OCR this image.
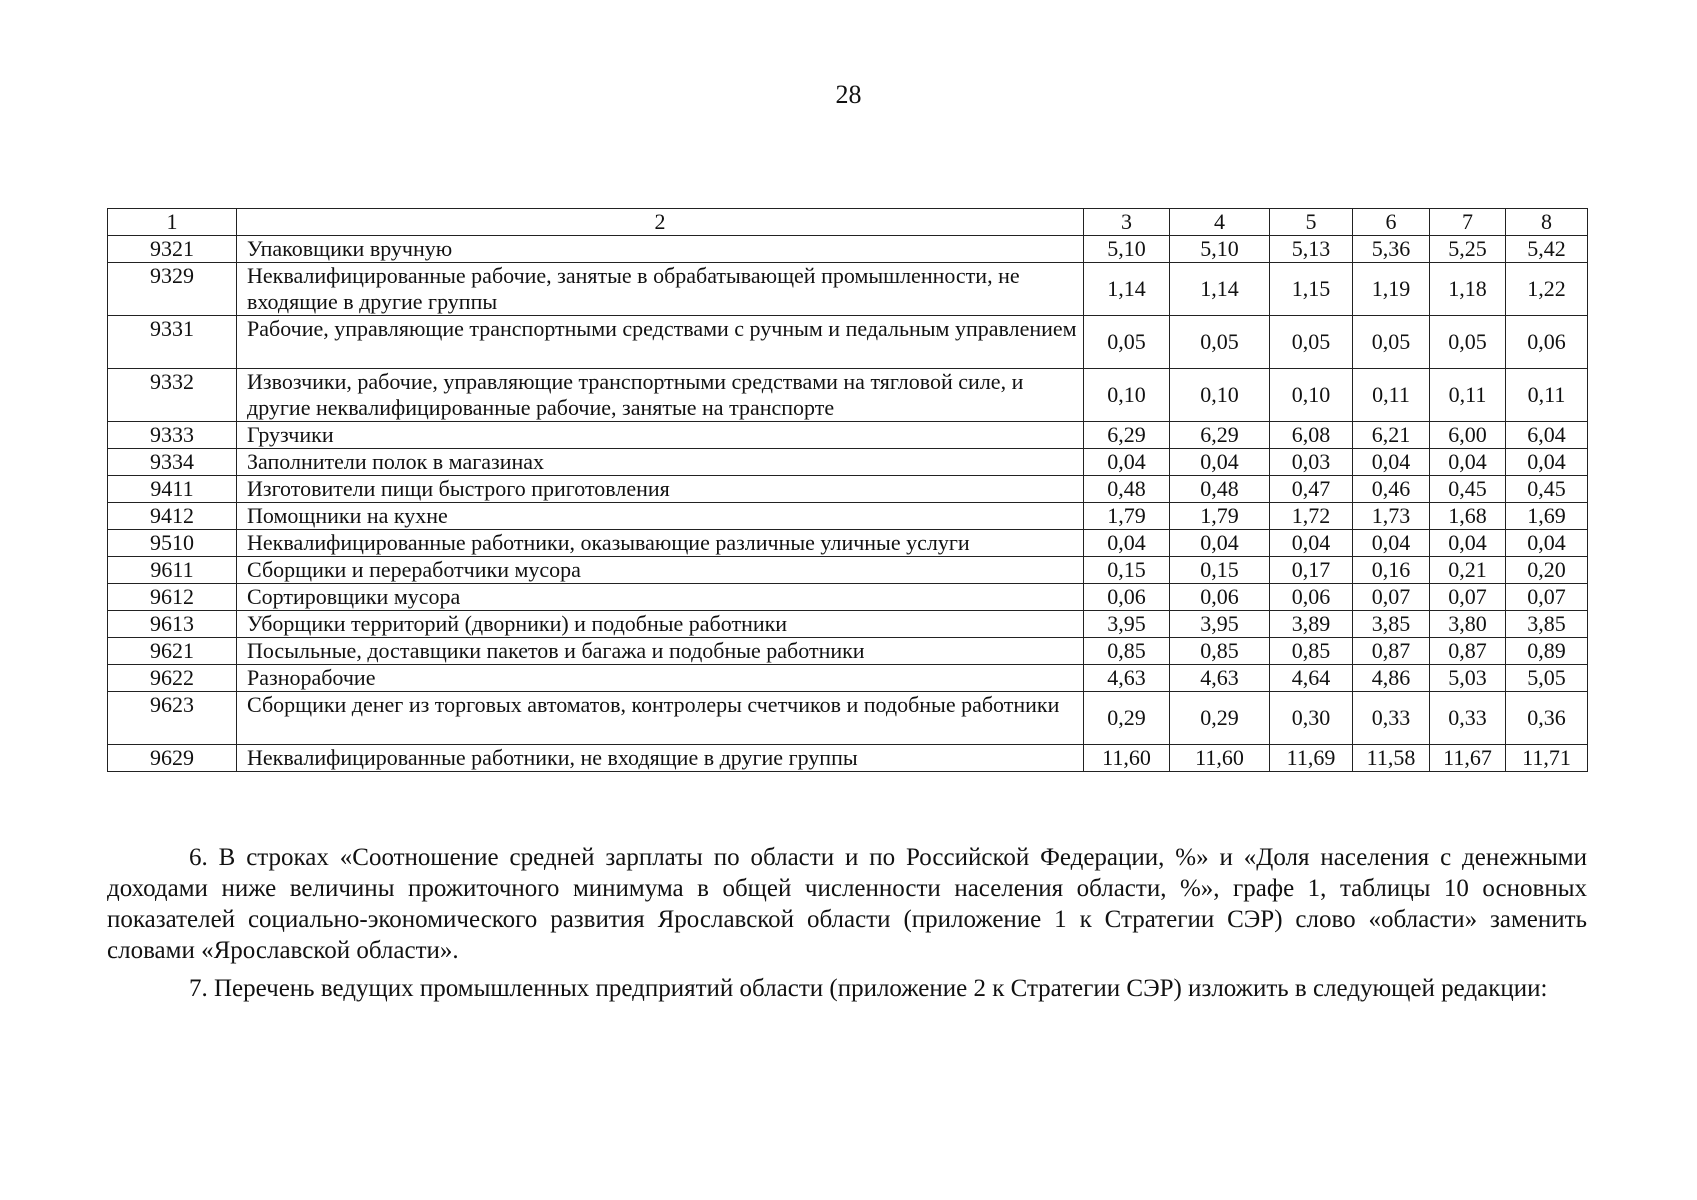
28
1	2	3	4	5	6	7	8
9321	Упаковщики вручную	5,10	5,10	5,13	5,36	5,25	5,42
9329	Неквалифицированные рабочие, занятые в обрабатывающей промышленности, не входящие в другие группы	1,14	1,14	1,15	1,19	1,18	1,22
9331	Рабочие, управляющие транспортными средствами с ручным и педальным управлением	0,05	0,05	0,05	0,05	0,05	0,06
9332	Извозчики, рабочие, управляющие транспортными средствами на тягловой силе, и другие неквалифицированные рабочие, занятые на транспорте	0,10	0,10	0,10	0,11	0,11	0,11
9333	Грузчики	6,29	6,29	6,08	6,21	6,00	6,04
9334	Заполнители полок в магазинах	0,04	0,04	0,03	0,04	0,04	0,04
9411	Изготовители пищи быстрого приготовления	0,48	0,48	0,47	0,46	0,45	0,45
9412	Помощники на кухне	1,79	1,79	1,72	1,73	1,68	1,69
9510	Неквалифицированные работники, оказывающие различные уличные услуги	0,04	0,04	0,04	0,04	0,04	0,04
9611	Сборщики и переработчики мусора	0,15	0,15	0,17	0,16	0,21	0,20
9612	Сортировщики мусора	0,06	0,06	0,06	0,07	0,07	0,07
9613	Уборщики территорий (дворники) и подобные работники	3,95	3,95	3,89	3,85	3,80	3,85
9621	Посыльные, доставщики пакетов и багажа и подобные работники	0,85	0,85	0,85	0,87	0,87	0,89
9622	Разнорабочие	4,63	4,63	4,64	4,86	5,03	5,05
9623	Сборщики денег из торговых автоматов, контролеры счетчиков и подобные работники	0,29	0,29	0,30	0,33	0,33	0,36
9629	Неквалифицированные работники, не входящие в другие группы	11,60	11,60	11,69	11,58	11,67	11,71
6. В строках «Соотношение средней зарплаты по области и по Российской Федерации, %» и «Доля населения с денежными доходами ниже величины прожиточного минимума в общей численности населения области, %», графе 1, таблицы 10 основных показателей социально-экономического развития Ярославской области (приложение 1 к Стратегии СЭР) слово «области» заменить словами «Ярославской области».
7. Перечень ведущих промышленных предприятий области (приложение 2 к Стратегии СЭР) изложить в следующей редакции:
